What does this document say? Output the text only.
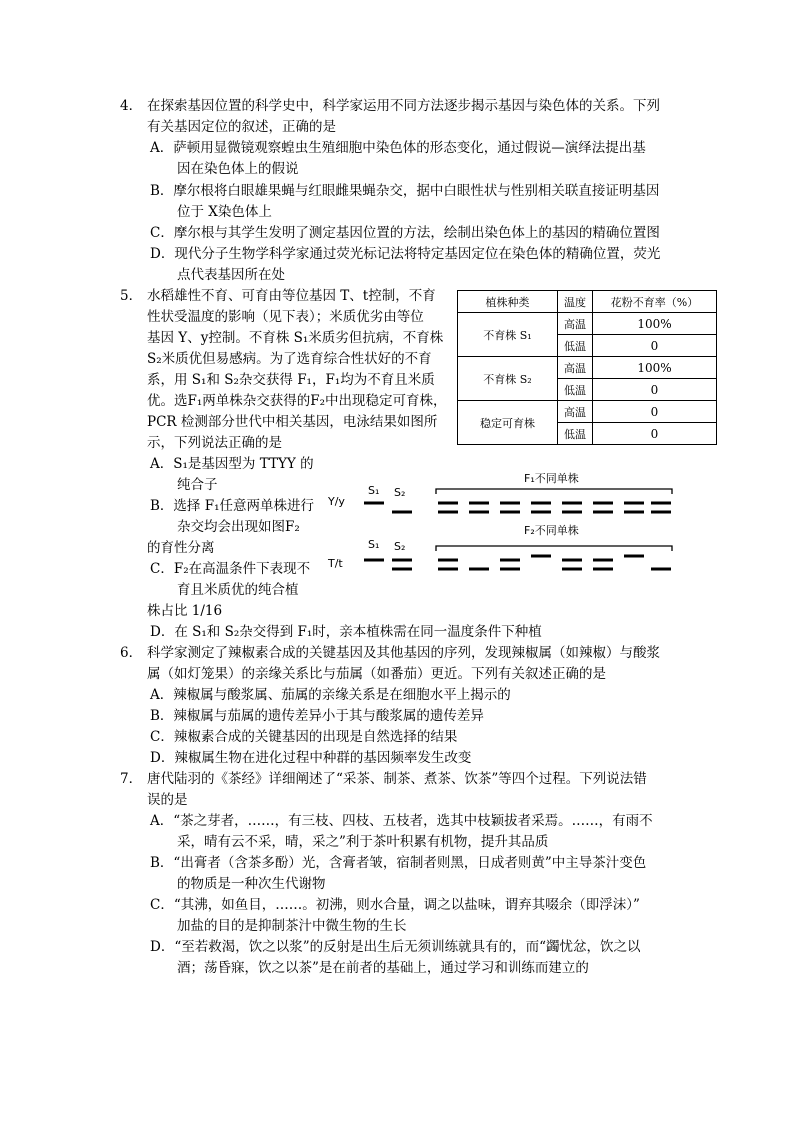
4． 在探索基因位置的科学史中，科学家运用不同方法逐步揭示基因与染色体的关系。下列
有关基因定位的叙述，正确的是
A．萨顿用显微镜观察蝗虫生殖细胞中染色体的形态变化，通过假说—演绎法提出基
因在染色体上的假说
B．摩尔根将白眼雄果蝇与红眼雌果蝇杂交，据中白眼性状与性别相关联直接证明基因
位于 X染色体上
C．摩尔根与其学生发明了测定基因位置的方法，绘制出染色体上的基因的精确位置图
D．现代分子生物学科学家通过荧光标记法将特定基因定位在染色体的精确位置，荧光
点代表基因所在处
5． 水稻雄性不育、可育由等位基因 T、t控制，不育
性状受温度的影响（见下表）；米质优劣由等位
基因 Y、y控制。不育株 S₁米质劣但抗病，不育株
S₂米质优但易感病。为了选育综合性状好的不育
系，用 S₁和 S₂杂交获得 F₁，F₁均为不育且米质
优。选F₁两单株杂交获得的F₂中出现稳定可育株，
PCR 检测部分世代中相关基因，电泳结果如图所
示，下列说法正确的是
A．S₁是基因型为 TTYY 的
纯合子
B．选择 F₁任意两单株进行
杂交均会出现如图F₂
的育性分离
C．F₂在高温条件下表现不
育且米质优的纯合植
株占比 1/16
D．在 S₁和 S₂杂交得到 F₁时，亲本植株需在同一温度条件下种植
植株种类	温度	花粉不育率（%）
不育株 S₁	高温	100%
	低温	0
不育株 S₂	高温	100%
	低温	0
稳定可育株	高温	0
	低温	0
F₁不同单株
S₁ S₂
Y/y
F₂不同单株
S₁ S₂
T/t
6． 科学家测定了辣椒素合成的关键基因及其他基因的序列，发现辣椒属（如辣椒）与酸浆
属（如灯笼果）的亲缘关系比与茄属（如番茄）更近。下列有关叙述正确的是
A．辣椒属与酸浆属、茄属的亲缘关系是在细胞水平上揭示的
B．辣椒属与茄属的遗传差异小于其与酸浆属的遗传差异
C．辣椒素合成的关键基因的出现是自然选择的结果
D．辣椒属生物在进化过程中种群的基因频率发生改变
7． 唐代陆羽的《茶经》详细阐述了“采茶、制茶、煮茶、饮茶”等四个过程。下列说法错
误的是
A．“茶之芽者，……，有三枝、四枝、五枝者，选其中枝颖拔者采焉。……，有雨不
采，晴有云不采，晴，采之”利于茶叶积累有机物，提升其品质
B．“出膏者（含茶多酚）光，含膏者皱，宿制者则黑，日成者则黄”中主导茶汁变色
的物质是一种次生代谢物
C．“其沸，如鱼目，……。初沸，则水合量，调之以盐味，谓弃其啜余（即浮沫）”
加盐的目的是抑制茶汁中微生物的生长
D．“至若救渴，饮之以浆”的反射是出生后无须训练就具有的，而“蠲忧忿，饮之以
酒；荡昏寐，饮之以茶”是在前者的基础上，通过学习和训练而建立的
